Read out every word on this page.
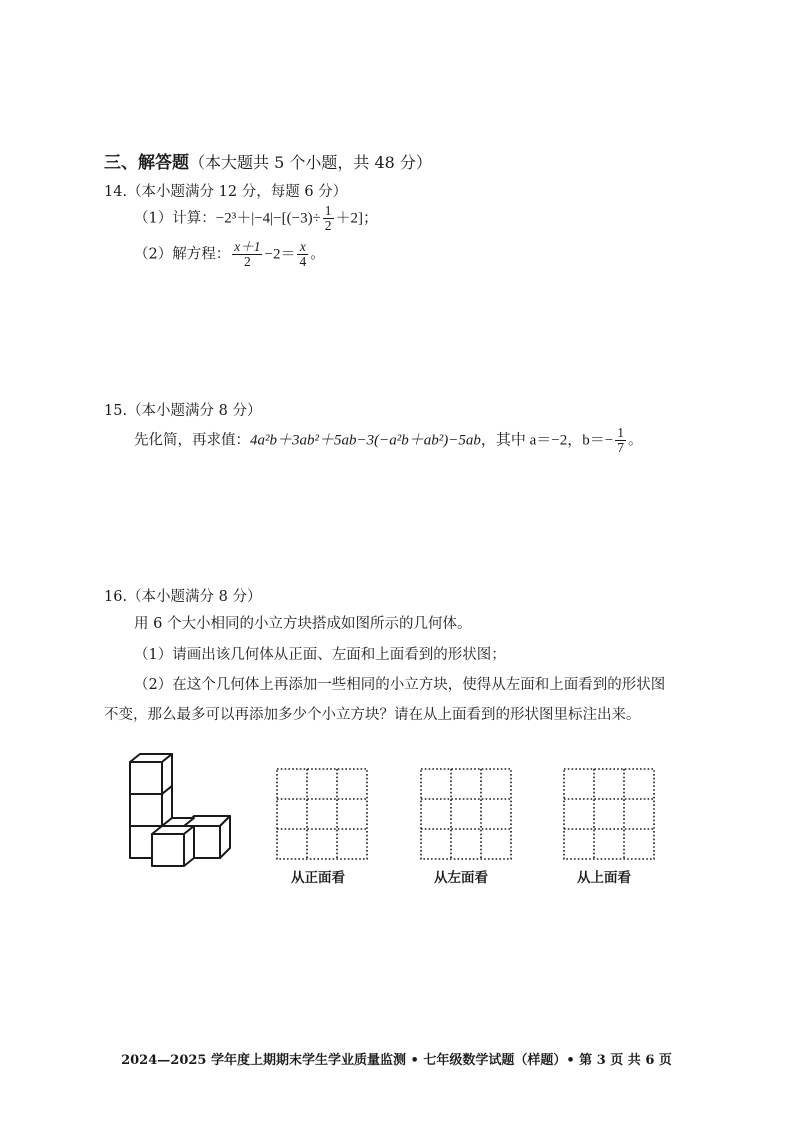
三、解答题（本大题共 5 个小题，共 48 分）
14.（本小题满分 12 分，每题 6 分）
（1）计算：$-2^3+|-4|-[(-3)\div \frac{1}{2} +2]$；
（2）解方程： $\frac{x+1}{2} -2= \frac{x}{4}$ 。
15.（本小题满分 8 分）
先化简，再求值：4a²b＋3ab²＋5ab−3(−a²b＋ab²)−5ab，其中 a＝−2，$b=- \frac{1}{7}$ 。
16.（本小题满分 8 分）
用 6 个大小相同的小立方块搭成如图所示的几何体。
（1）请画出该几何体从正面、左面和上面看到的形状图；
（2）在这个几何体上再添加一些相同的小立方块，使得从左面和上面看到的形状图
不变，那么最多可以再添加多少个小立方块？请在从上面看到的形状图里标注出来。
从正面看	从左面看	从上面看
2024—2025 学年度上期期末学生学业质量监测 • 七年级数学试题（样题）• 第 3 页 共 6 页
